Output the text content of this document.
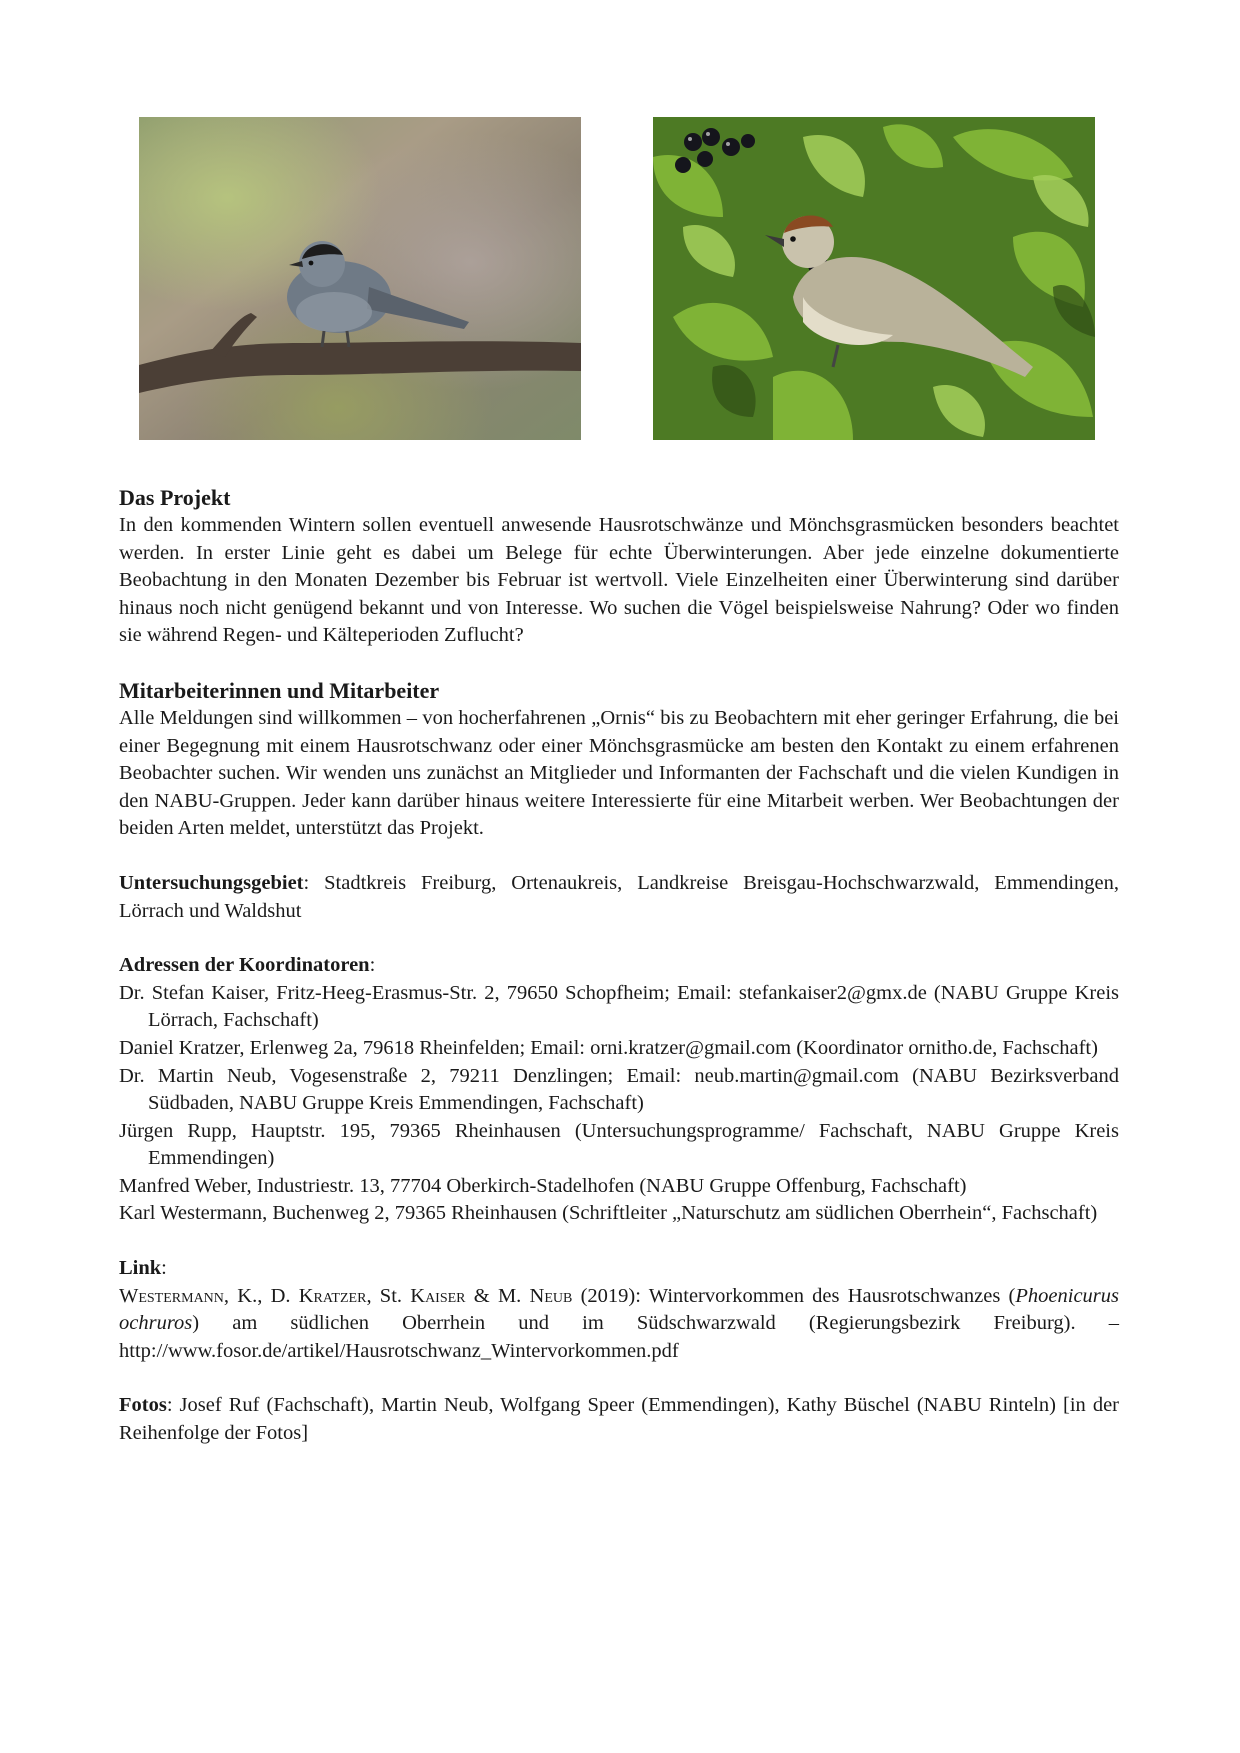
Das Projekt

In den kommenden Wintern sollen eventuell anwesende Hausrotschwänze und Mönchsgrasmücken besonders beachtet werden. In erster Linie geht es dabei um Belege für echte Überwinterungen. Aber jede einzelne dokumentierte Beobachtung in den Monaten Dezember bis Februar ist wertvoll. Viele Einzelheiten einer Überwinterung sind darüber hinaus noch nicht genügend bekannt und von Interesse. Wo suchen die Vögel beispielsweise Nahrung? Oder wo finden sie während Regen- und Kälteperioden Zuflucht?

Mitarbeiterinnen und Mitarbeiter

Alle Meldungen sind willkommen – von hocherfahrenen „Ornis“ bis zu Beobachtern mit eher geringer Erfahrung, die bei einer Begegnung mit einem Hausrotschwanz oder einer Mönchsgrasmücke am besten den Kontakt zu einem erfahrenen Beobachter suchen. Wir wenden uns zunächst an Mitglieder und Informanten der Fachschaft und die vielen Kundigen in den NABU-Gruppen. Jeder kann darüber hinaus weitere Interessierte für eine Mitarbeit werben. Wer Beobachtungen der beiden Arten meldet, unterstützt das Projekt.

Untersuchungsgebiet: Stadtkreis Freiburg, Ortenaukreis, Landkreise Breisgau-Hochschwarzwald, Emmendingen, Lörrach und Waldshut

Adressen der Koordinatoren:

Dr. Stefan Kaiser, Fritz-Heeg-Erasmus-Str. 2, 79650 Schopfheim; Email: stefankaiser2@gmx.de (NABU Gruppe Kreis Lörrach, Fachschaft)

Daniel Kratzer, Erlenweg 2a, 79618 Rheinfelden; Email: orni.kratzer@gmail.com (Koordinator ornitho.de, Fachschaft)

Dr. Martin Neub, Vogesenstraße 2, 79211 Denzlingen; Email: neub.martin@gmail.com (NABU Bezirksverband Südbaden, NABU Gruppe Kreis Emmendingen, Fachschaft)

Jürgen Rupp, Hauptstr. 195, 79365 Rheinhausen (Untersuchungsprogramme/ Fachschaft, NABU Gruppe Kreis Emmendingen)

Manfred Weber, Industriestr. 13, 77704 Oberkirch-Stadelhofen (NABU Gruppe Offenburg, Fachschaft)

Karl Westermann, Buchenweg 2, 79365 Rheinhausen (Schriftleiter „Naturschutz am südlichen Oberrhein“, Fachschaft)

Link:

Westermann, K., D. Kratzer, St. Kaiser & M. Neub (2019): Wintervorkommen des Hausrotschwanzes (Phoenicurus ochruros) am südlichen Oberrhein und im Südschwarzwald (Regierungsbezirk Freiburg). – http://www.fosor.de/artikel/Hausrotschwanz_Wintervorkommen.pdf

Fotos: Josef Ruf (Fachschaft), Martin Neub, Wolfgang Speer (Emmendingen), Kathy Büschel (NABU Rinteln) [in der Reihenfolge der Fotos]
